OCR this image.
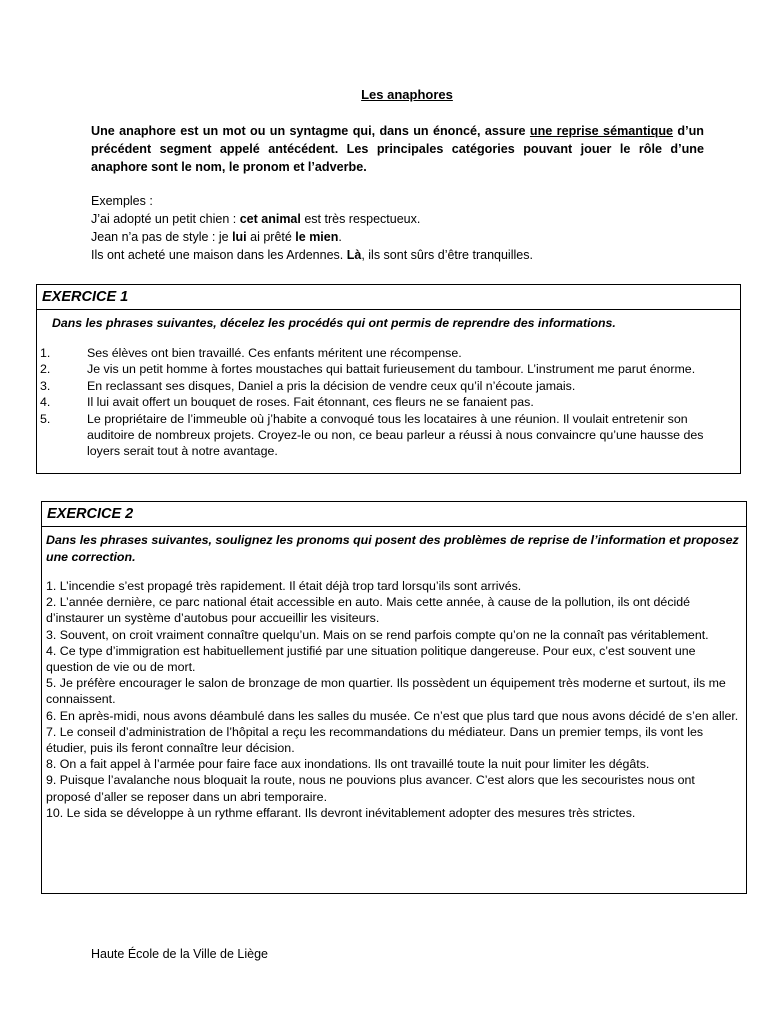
Les anaphores
Une anaphore est un mot ou un syntagme qui, dans un énoncé, assure une reprise sémantique d’un précédent segment appelé antécédent. Les principales catégories pouvant jouer le rôle d’une anaphore sont le nom, le pronom et l’adverbe.
Exemples :
J’ai adopté un petit chien : cet animal est très respectueux.
Jean n’a pas de style : je lui ai prêté le mien.
Ils ont acheté une maison dans les Ardennes. Là, ils sont sûrs d’être tranquilles.
EXERCICE 1
Dans les phrases suivantes, décelez les procédés qui ont permis de reprendre des informations.
1.	Ses élèves ont bien travaillé. Ces enfants méritent une récompense.
2.	Je vis un petit homme à fortes moustaches qui battait furieusement du tambour. L’instrument me parut énorme.
3.	En reclassant ses disques, Daniel a pris la décision de vendre ceux qu’il n’écoute jamais.
4.	Il lui avait offert un bouquet de roses. Fait étonnant, ces fleurs ne se fanaient pas.
5.	Le propriétaire de l’immeuble où j’habite a convoqué tous les locataires à une réunion. Il voulait entretenir son auditoire de nombreux projets. Croyez-le ou non, ce beau parleur a réussi à nous convaincre qu’une hausse des loyers serait tout à notre avantage.
EXERCICE 2
Dans les phrases suivantes, soulignez les pronoms qui posent des problèmes de reprise de l’information et proposez une correction.
1. L’incendie s’est propagé très rapidement. Il était déjà trop tard lorsqu’ils sont arrivés.
2. L’année dernière, ce parc national était accessible en auto. Mais cette année, à cause de la pollution, ils ont décidé d’instaurer un système d’autobus pour accueillir les visiteurs.
3. Souvent, on croit vraiment connaître quelqu’un. Mais on se rend parfois compte qu’on ne la connaît pas véritablement.
4. Ce type d’immigration est habituellement justifié par une situation politique dangereuse. Pour eux, c’est souvent une question de vie ou de mort.
5. Je préfère encourager le salon de bronzage de mon quartier. Ils possèdent un équipement très moderne et surtout, ils me connaissent.
6. En après-midi, nous avons déambulé dans les salles du musée. Ce n’est que plus tard que nous avons décidé de s’en aller.
7. Le conseil d’administration de l’hôpital a reçu les recommandations du médiateur. Dans un premier temps, ils vont les étudier, puis ils feront connaître leur décision.
8. On a fait appel à l’armée pour faire face aux inondations. Ils ont travaillé toute la nuit pour limiter les dégâts.
9. Puisque l’avalanche nous bloquait la route, nous ne pouvions plus avancer. C’est alors que les secouristes nous ont proposé d’aller se reposer dans un abri temporaire.
10. Le sida se développe à un rythme effarant. Ils devront inévitablement adopter des mesures très strictes.
Haute École de la Ville de Liège
